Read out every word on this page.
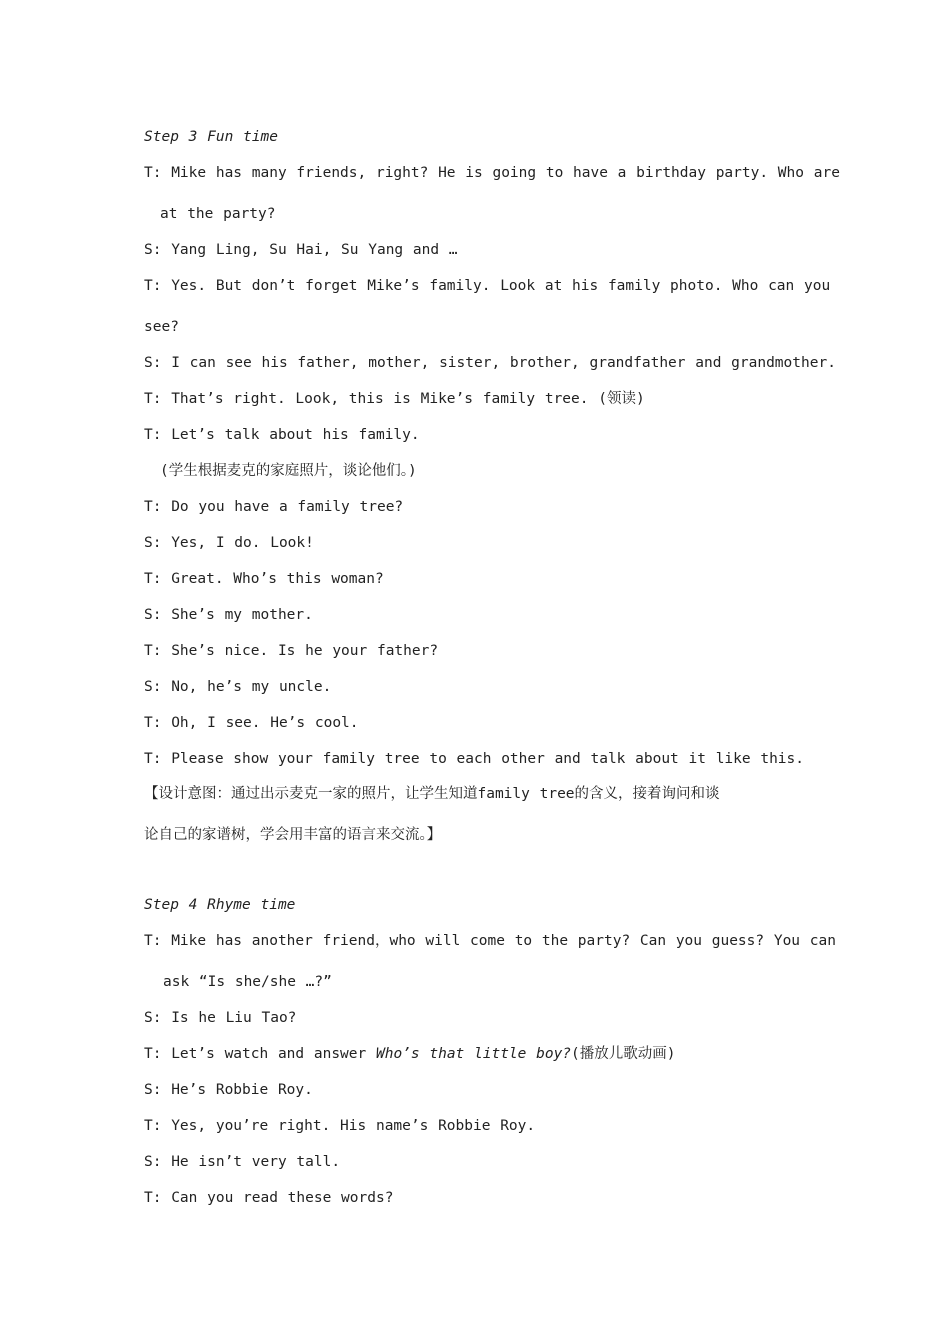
Step 3 Fun time
T: Mike has many friends, right? He is going to have a birthday party. Who are
at the party?
S: Yang Ling, Su Hai, Su Yang and …
T: Yes. But don’t forget Mike’s family. Look at his family photo. Who can you
see?
S: I can see his father, mother, sister, brother, grandfather and grandmother.
T: That’s right. Look, this is Mike’s family tree. (领读)
T: Let’s talk about his family.
(学生根据麦克的家庭照片，谈论他们。)
T: Do you have a family tree?
S: Yes, I do. Look!
T: Great. Who’s this woman?
S: She’s my mother.
T: She’s nice. Is he your father?
S: No, he’s my uncle.
T: Oh, I see. He’s cool.
T: Please show your family tree to each other and talk about it like this.
【设计意图：通过出示麦克一家的照片，让学生知道family tree的含义，接着询问和谈
论自己的家谱树，学会用丰富的语言来交流。】
Step 4 Rhyme time
T: Mike has another friend，who will come to the party? Can you guess? You can
ask “Is she/she …?”
S: Is he Liu Tao?
T: Let’s watch and answer Who’s that little boy?(播放儿歌动画)
S: He’s Robbie Roy.
T: Yes, you’re right. His name’s Robbie Roy.
S: He isn’t very tall.
T: Can you read these words?
